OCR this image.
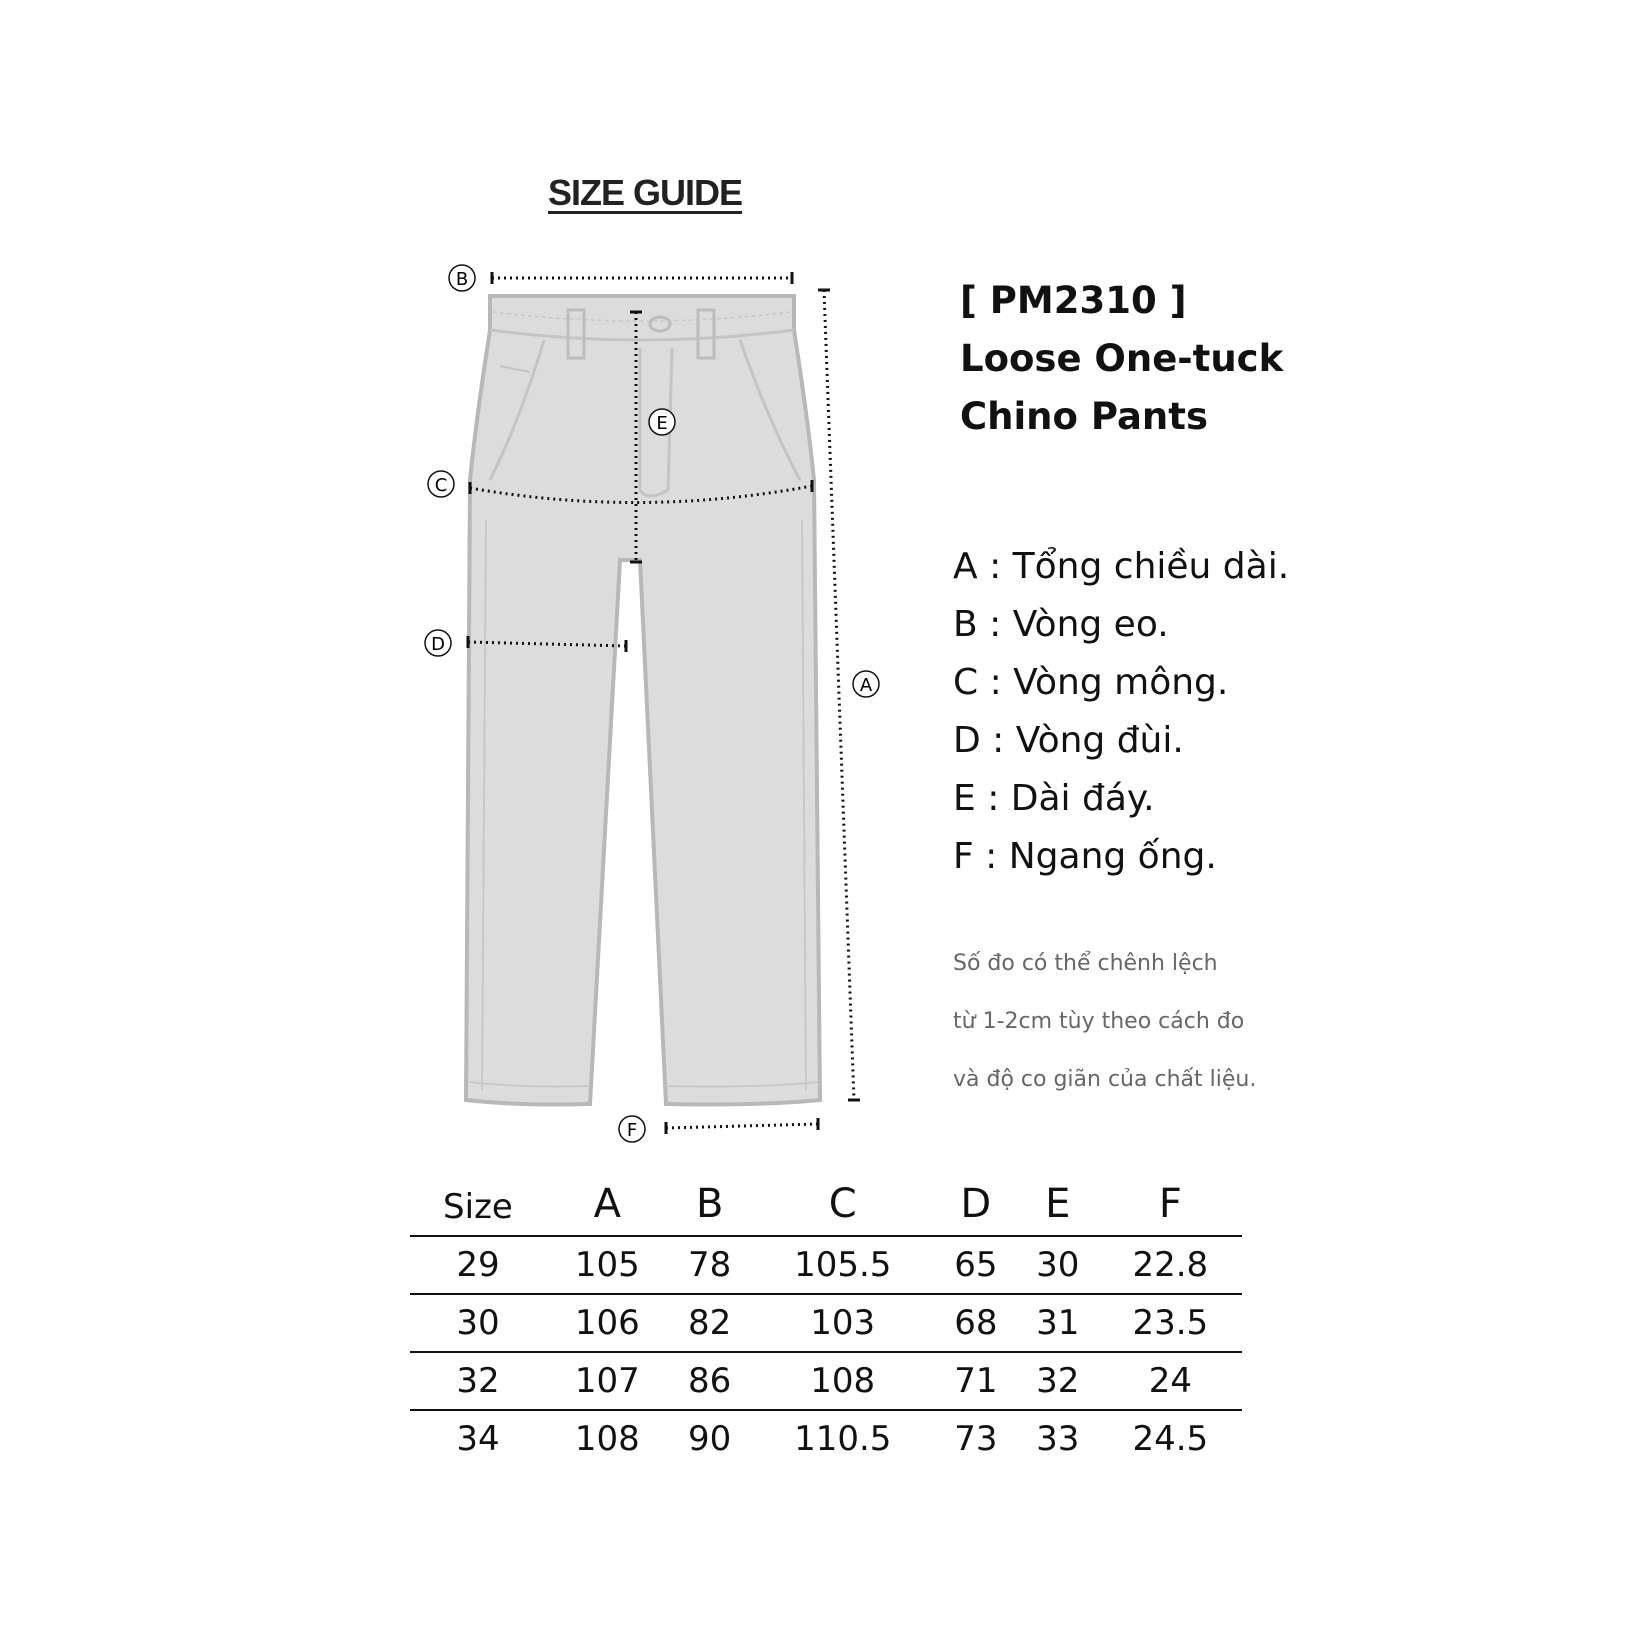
SIZE GUIDE
B
A
E
C
D
F
[ PM2310 ]
Loose One-tuck
Chino Pants
A : Tổng chiều dài.
B : Vòng eo.
C : Vòng mông.
D : Vòng đùi.
E : Dài đáy.
F : Ngang ống.
Số đo có thể chênh lệch
từ 1-2cm tùy theo cách đo
và độ co giãn của chất liệu.
Size	A	B	C	D	E	F
29	105	78	105.5	65	30	22.8
30	106	82	103	68	31	23.5
32	107	86	108	71	32	24
34	108	90	110.5	73	33	24.5
